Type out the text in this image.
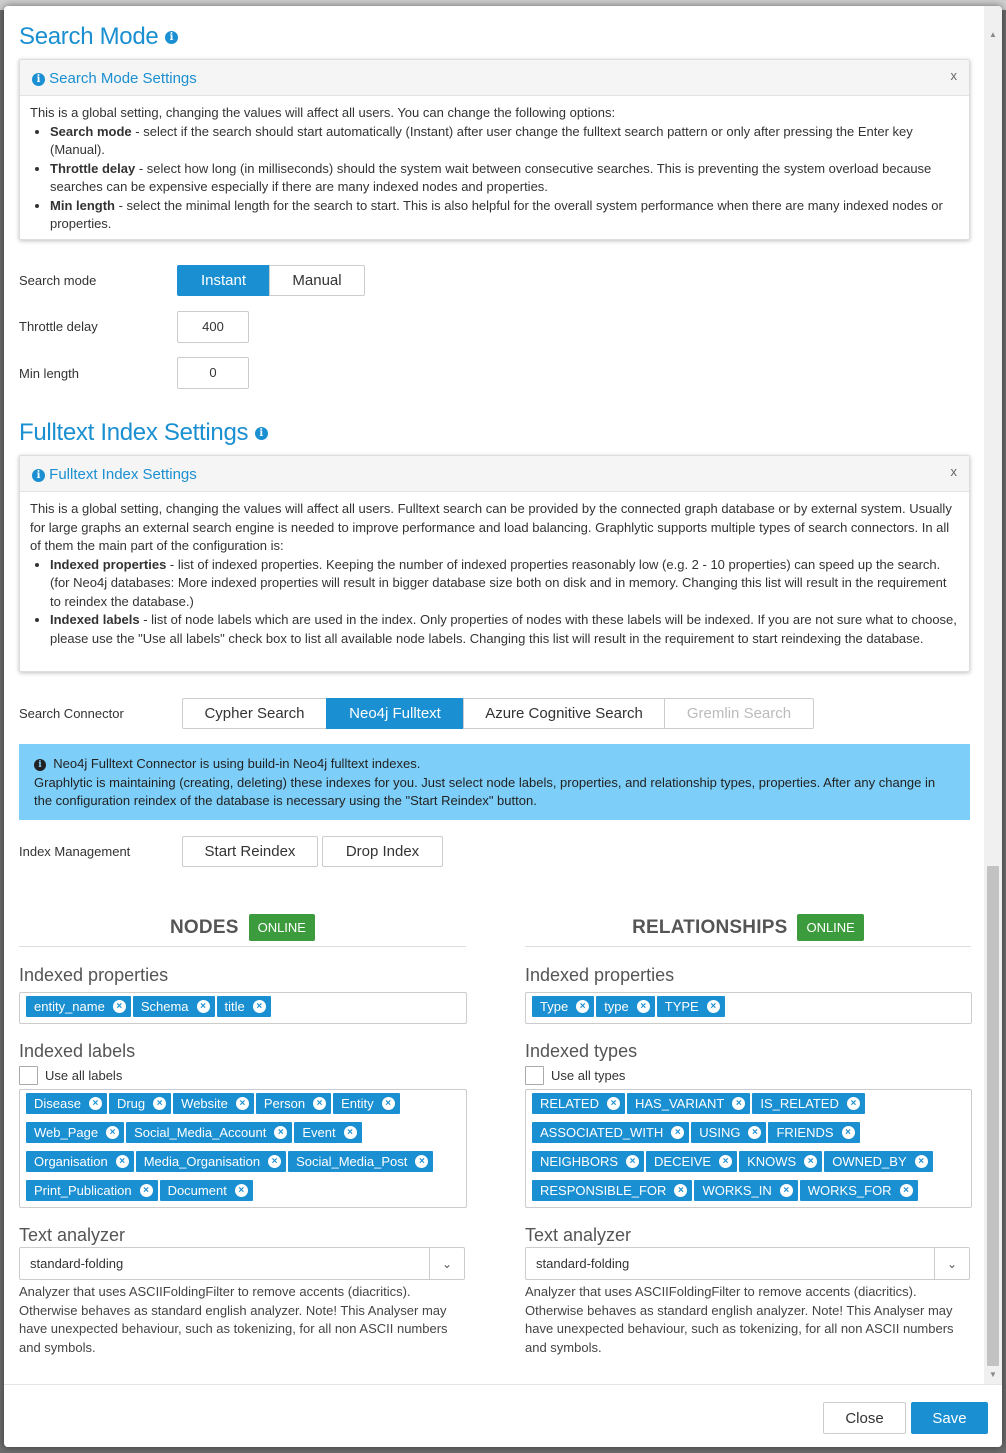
Search Mode i
i Search Mode Settings	x
This is a global setting, changing the values will affect all users. You can change the following options:
• Search mode - select if the search should start automatically (Instant) after user change the fulltext search pattern or only after pressing the Enter key (Manual).
• Throttle delay - select how long (in milliseconds) should the system wait between consecutive searches. This is preventing the system overload because searches can be expensive especially if there are many indexed nodes and properties.
• Min length - select the minimal length for the search to start. This is also helpful for the overall system performance when there are many indexed nodes or properties.
Search mode	Instant	Manual
Throttle delay	400
Min length	0
Fulltext Index Settings i
i Fulltext Index Settings	x
This is a global setting, changing the values will affect all users. Fulltext search can be provided by the connected graph database or by external system. Usually for large graphs an external search engine is needed to improve performance and load balancing. Graphlytic supports multiple types of search connectors. In all of them the main part of the configuration is:
• Indexed properties - list of indexed properties. Keeping the number of indexed properties reasonably low (e.g. 2 - 10 properties) can speed up the search. (for Neo4j databases: More indexed properties will result in bigger database size both on disk and in memory. Changing this list will result in the requirement to reindex the database.)
• Indexed labels - list of node labels which are used in the index. Only properties of nodes with these labels will be indexed. If you are not sure what to choose, please use the "Use all labels" check box to list all available node labels. Changing this list will result in the requirement to start reindexing the database.
Search Connector	Cypher Search	Neo4j Fulltext	Azure Cognitive Search	Gremlin Search
i Neo4j Fulltext Connector is using build-in Neo4j fulltext indexes.
Graphlytic is maintaining (creating, deleting) these indexes for you. Just select node labels, properties, and relationship types, properties. After any change in the configuration reindex of the database is necessary using the "Start Reindex" button.
Index Management	Start Reindex	Drop Index
NODES	ONLINE
Indexed properties
entity_name	× Schema	× title	×
Indexed labels
Use all labels
Disease	× Drug	× Website	× Person	× Entity	×
Web_Page	× Social_Media_Account	× Event	×
Organisation	× Media_Organisation	× Social_Media_Post	×
Print_Publication	× Document	×
Text analyzer
standard-folding	⌄
Analyzer that uses ASCIIFoldingFilter to remove accents (diacritics). Otherwise behaves as standard english analyzer. Note! This Analyser may have unexpected behaviour, such as tokenizing, for all non ASCII numbers and symbols.
RELATIONSHIPS	ONLINE
Indexed properties
Type	× type	× TYPE	×
Indexed types
Use all types
RELATED	× HAS_VARIANT	× IS_RELATED	×
ASSOCIATED_WITH	× USING	× FRIENDS	×
NEIGHBORS	× DECEIVE	× KNOWS	× OWNED_BY	×
RESPONSIBLE_FOR	× WORKS_IN	× WORKS_FOR	×
Text analyzer
standard-folding	⌄
Analyzer that uses ASCIIFoldingFilter to remove accents (diacritics). Otherwise behaves as standard english analyzer. Note! This Analyser may have unexpected behaviour, such as tokenizing, for all non ASCII numbers and symbols.
▲
▼
Close	Save
